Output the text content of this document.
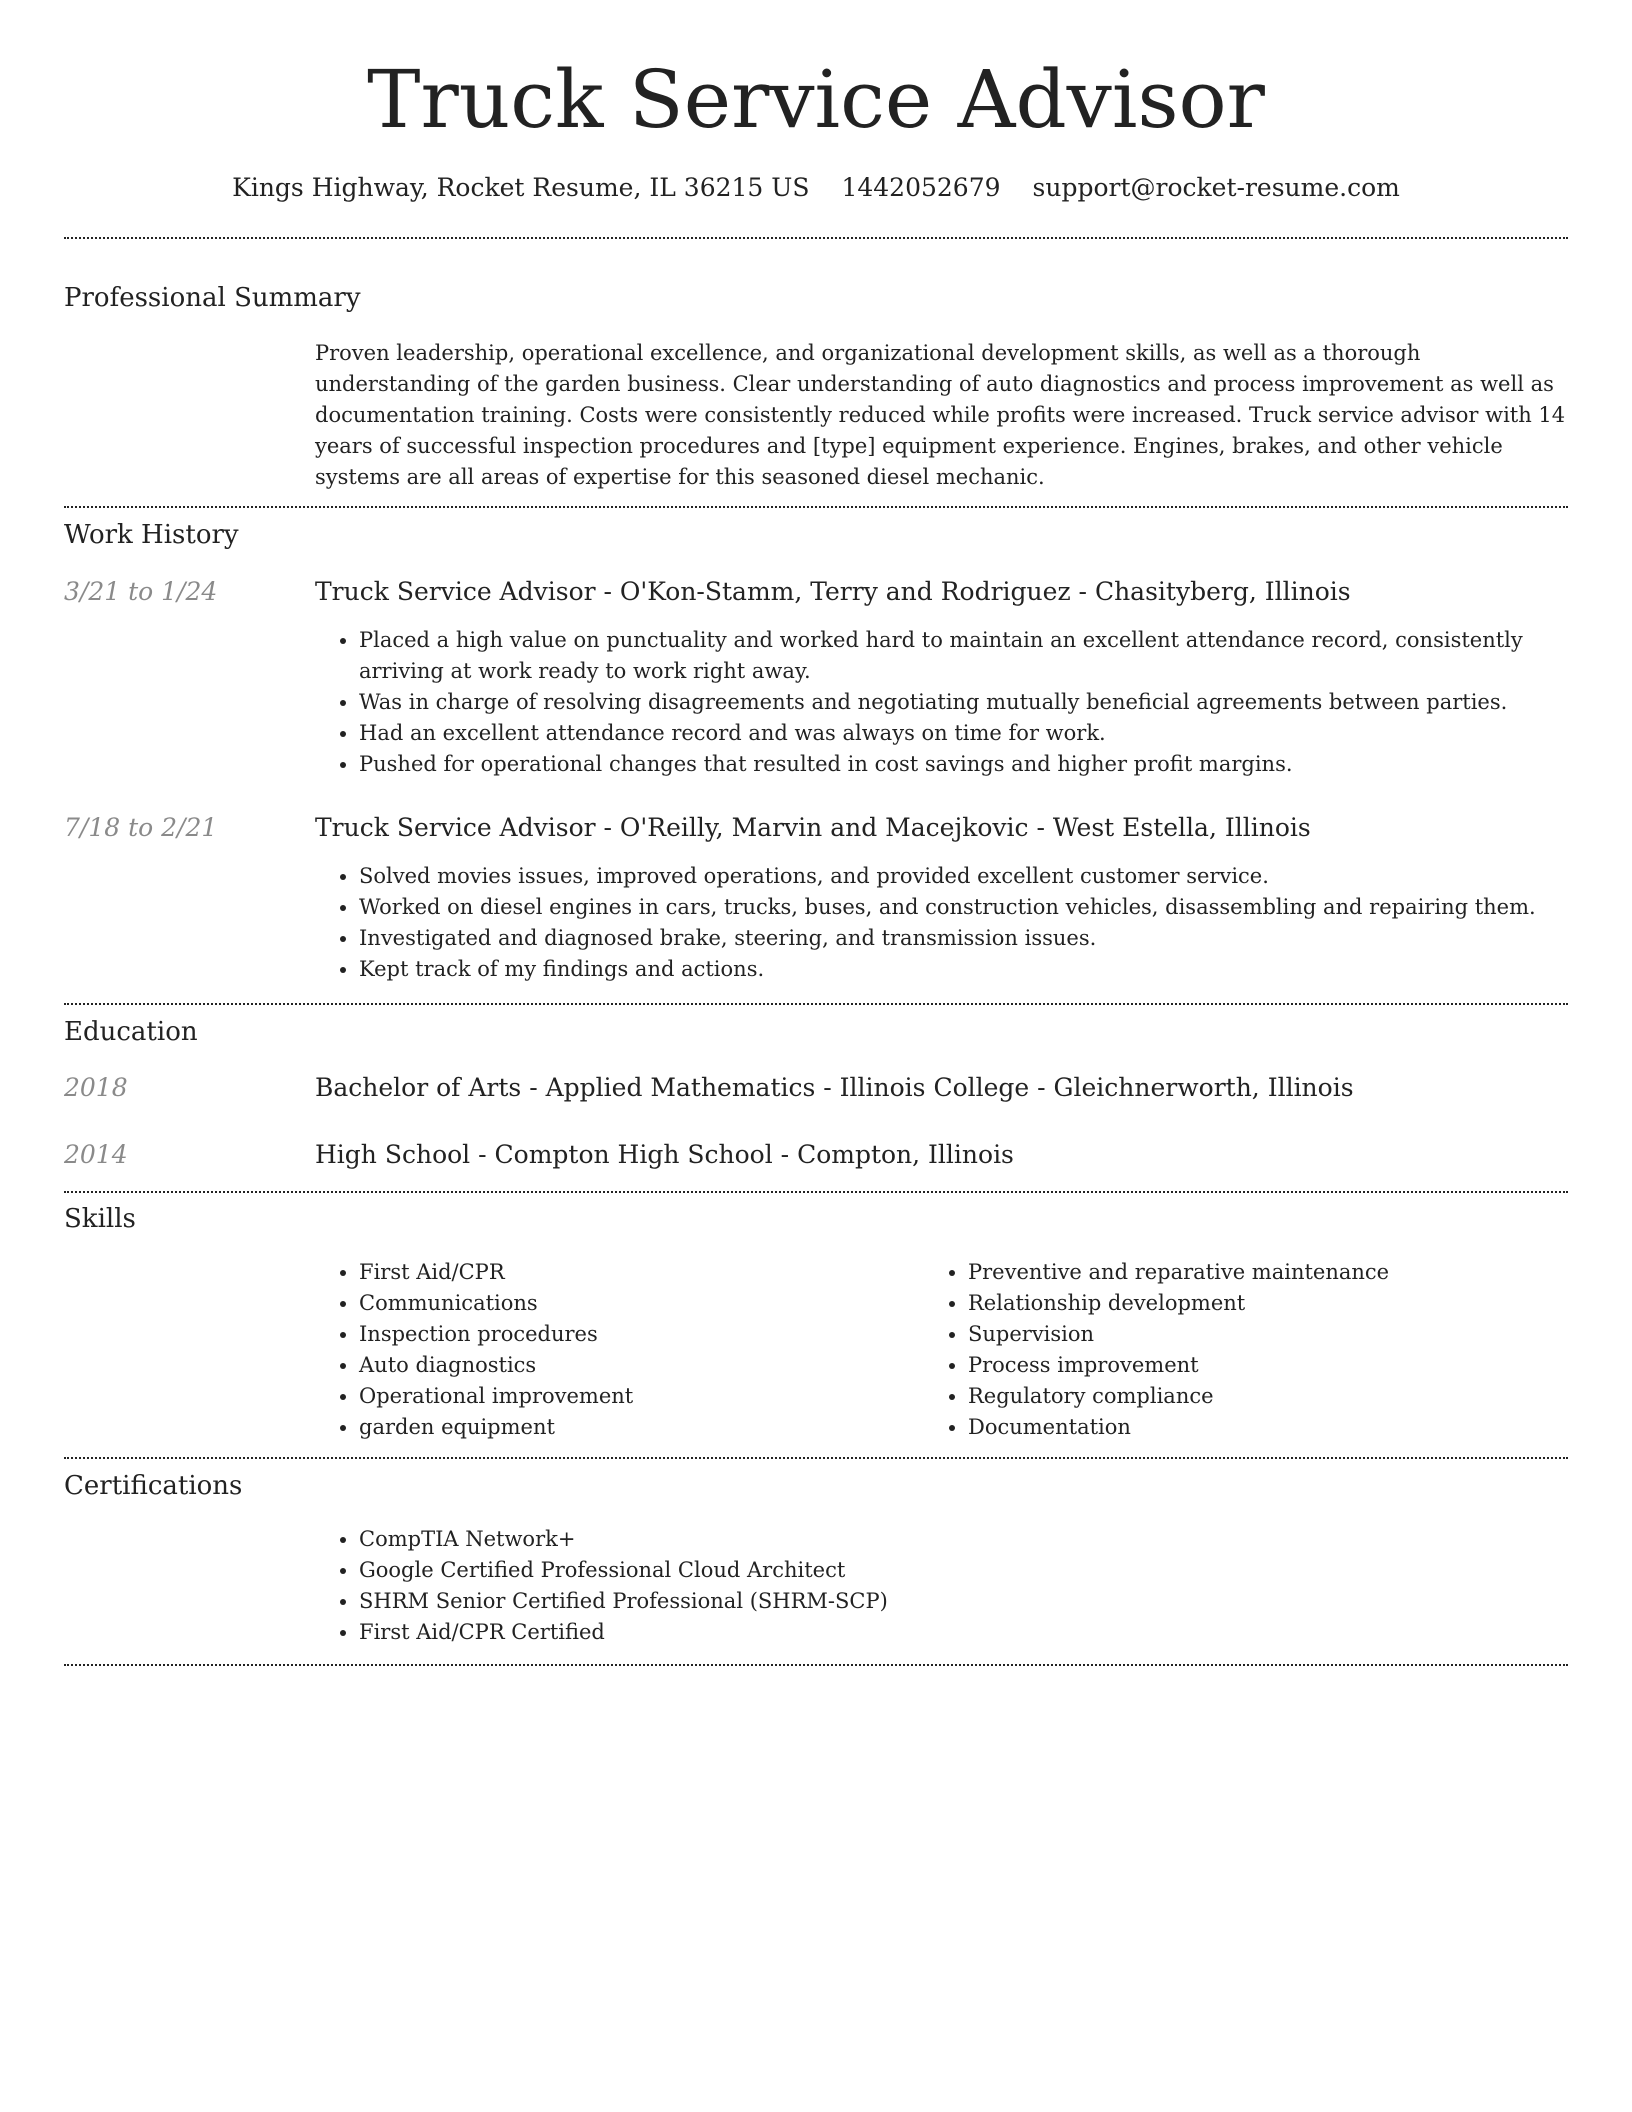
Truck Service Advisor
Kings Highway, Rocket Resume, IL 36215 US 1442052679 support@rocket-resume.com
Professional Summary

Proven leadership, operational excellence, and organizational development skills, as well as a thorough understanding of the garden business. Clear understanding of auto diagnostics and process improvement as well as documentation training. Costs were consistently reduced while profits were increased. Truck service advisor with 14 years of successful inspection procedures and [type] equipment experience. Engines, brakes, and other vehicle systems are all areas of expertise for this seasoned diesel mechanic.

Work History
3/21 to 1/24	Truck Service Advisor - O'Kon-Stamm, Terry and Rodriguez - Chasityberg, Illinois
• Placed a high value on punctuality and worked hard to maintain an excellent attendance record, consistently arriving at work ready to work right away.
• Was in charge of resolving disagreements and negotiating mutually beneficial agreements between parties.
• Had an excellent attendance record and was always on time for work.
• Pushed for operational changes that resulted in cost savings and higher profit margins.
7/18 to 2/21	Truck Service Advisor - O'Reilly, Marvin and Macejkovic - West Estella, Illinois
• Solved movies issues, improved operations, and provided excellent customer service.
• Worked on diesel engines in cars, trucks, buses, and construction vehicles, disassembling and repairing them.
• Investigated and diagnosed brake, steering, and transmission issues.
• Kept track of my findings and actions.
Education
2018	Bachelor of Arts - Applied Mathematics - Illinois College - Gleichnerworth, Illinois
2014	High School - Compton High School - Compton, Illinois
Skills
• First Aid/CPR
• Communications
• Inspection procedures
• Auto diagnostics
• Operational improvement
• garden equipment
• Preventive and reparative maintenance
• Relationship development
• Supervision
• Process improvement
• Regulatory compliance
• Documentation
Certifications
• CompTIA Network+
• Google Certified Professional Cloud Architect
• SHRM Senior Certified Professional (SHRM-SCP)
• First Aid/CPR Certified
